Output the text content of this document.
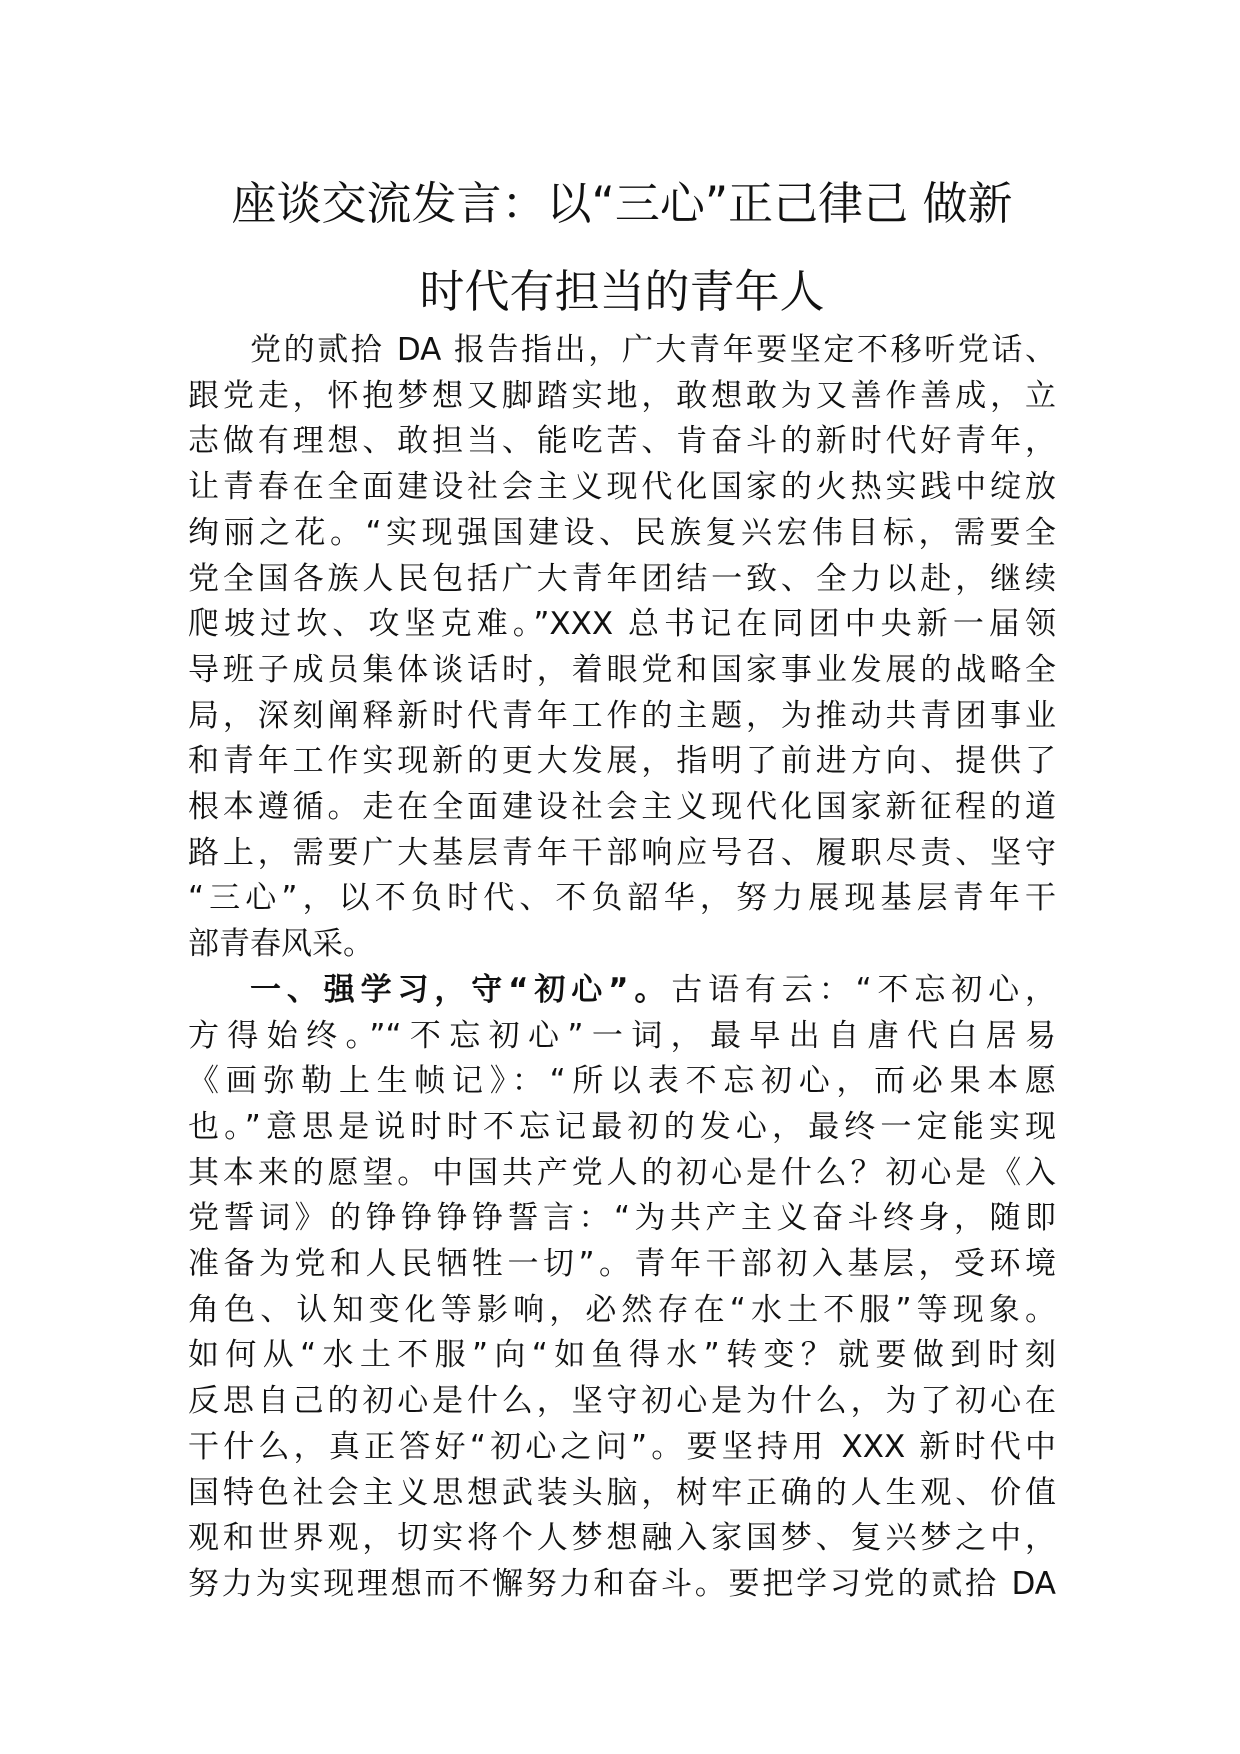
座谈交流发言：以“三心”正己律己 做新
时代有担当的青年人
党的贰拾 DA 报告指出，广大青年要坚定不移听党话、
跟党走，怀抱梦想又脚踏实地，敢想敢为又善作善成，立
志做有理想、敢担当、能吃苦、肯奋斗的新时代好青年，
让青春在全面建设社会主义现代化国家的火热实践中绽放
绚丽之花。“实现强国建设、民族复兴宏伟目标，需要全
党全国各族人民包括广大青年团结一致、全力以赴，继续
爬坡过坎、攻坚克难。”XXX 总书记在同团中央新一届领
导班子成员集体谈话时，着眼党和国家事业发展的战略全
局，深刻阐释新时代青年工作的主题，为推动共青团事业
和青年工作实现新的更大发展，指明了前进方向、提供了
根本遵循。走在全面建设社会主义现代化国家新征程的道
路上，需要广大基层青年干部响应号召、履职尽责、坚守
“三心”，以不负时代、不负韶华，努力展现基层青年干
部青春风采。
一、强学习，守“初心”。古语有云：“不忘初心，
方得始终。”“不忘初心”一词，最早出自唐代白居易
《画弥勒上生帧记》：“所以表不忘初心，而必果本愿
也。”意思是说时时不忘记最初的发心，最终一定能实现
其本来的愿望。中国共产党人的初心是什么？初心是《入
党誓词》的铮铮铮铮誓言：“为共产主义奋斗终身，随即
准备为党和人民牺牲一切”。青年干部初入基层，受环境
角色、认知变化等影响，必然存在“水土不服”等现象。
如何从“水土不服”向“如鱼得水”转变？就要做到时刻
反思自己的初心是什么，坚守初心是为什么，为了初心在
干什么，真正答好“初心之问”。要坚持用 XXX 新时代中
国特色社会主义思想武装头脑，树牢正确的人生观、价值
观和世界观，切实将个人梦想融入家国梦、复兴梦之中，
努力为实现理想而不懈努力和奋斗。要把学习党的贰拾 DA
